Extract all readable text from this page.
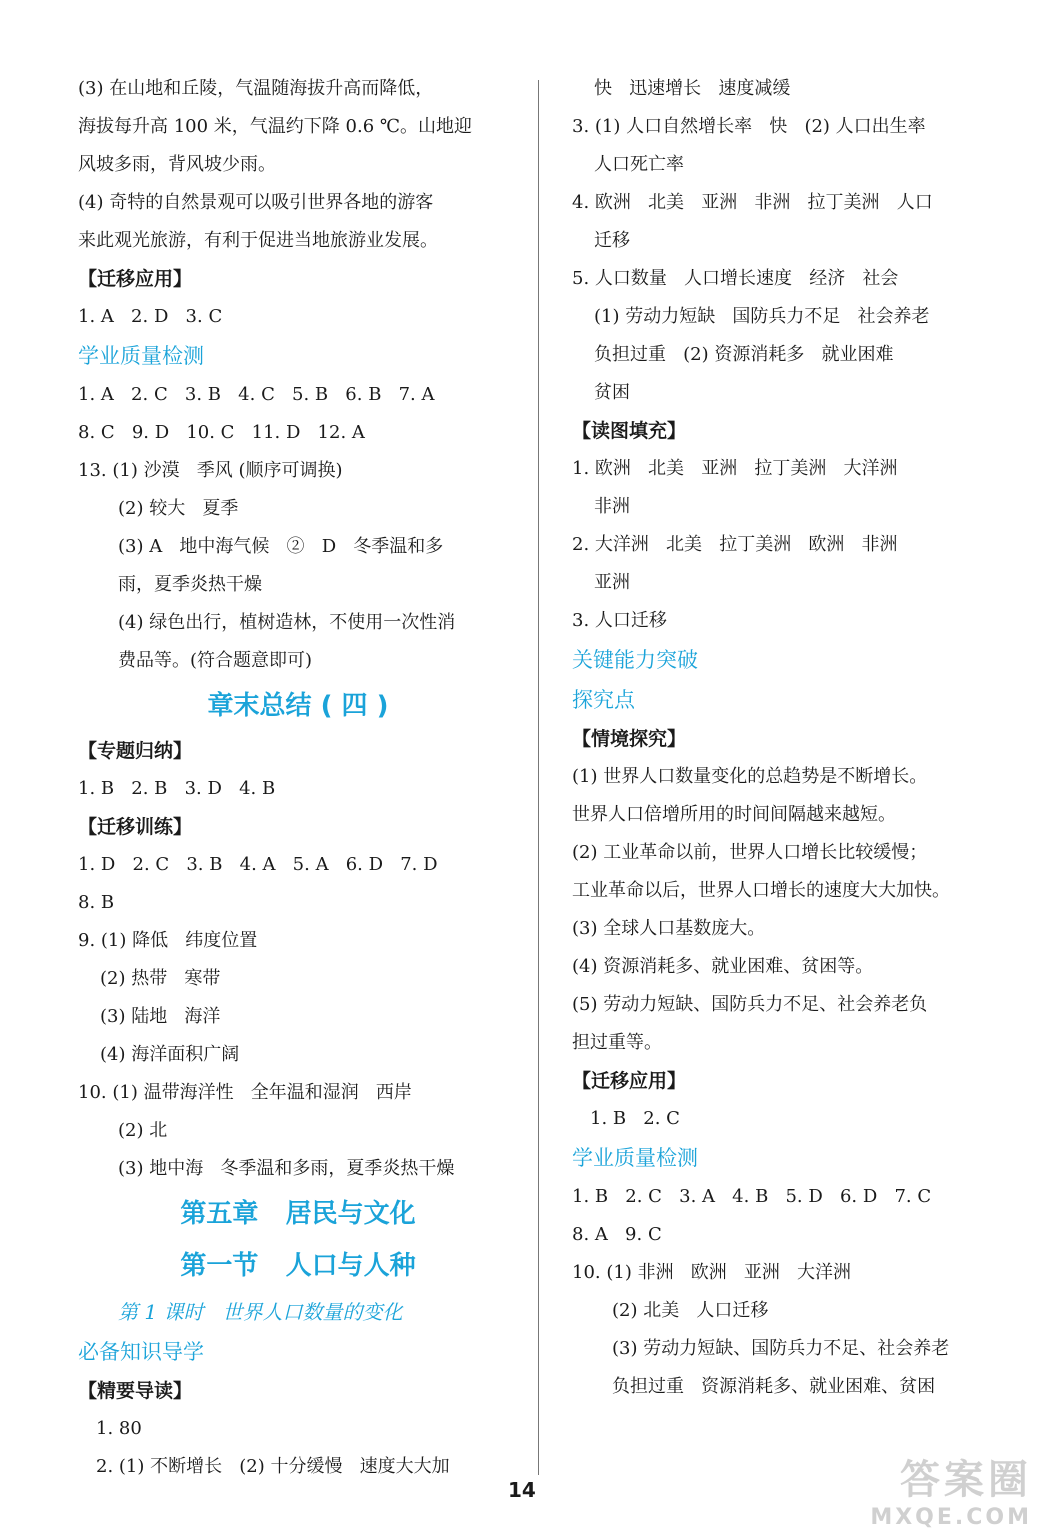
(3) 在山地和丘陵，气温随海拔升高而降低，
海拔每升高 100 米，气温约下降 0.6 ℃。山地迎
风坡多雨，背风坡少雨。
(4) 奇特的自然景观可以吸引世界各地的游客
来此观光旅游，有利于促进当地旅游业发展。
【迁移应用】
1. A   2. D   3. C
学业质量检测
1. A   2. C   3. B   4. C   5. B   6. B   7. A
8. C   9. D   10. C   11. D   12. A
13. (1) 沙漠   季风 (顺序可调换)
(2) 较大   夏季
(3) A   地中海气候   ②   D   冬季温和多
雨，夏季炎热干燥
(4) 绿色出行，植树造林，不使用一次性消
费品等。(符合题意即可)
章末总结 ( 四 )
【专题归纳】
1. B   2. B   3. D   4. B
【迁移训练】
1. D   2. C   3. B   4. A   5. A   6. D   7. D
8. B
9. (1) 降低   纬度位置
(2) 热带   寒带
(3) 陆地   海洋
(4) 海洋面积广阔
10. (1) 温带海洋性   全年温和湿润   西岸
(2) 北
(3) 地中海   冬季温和多雨，夏季炎热干燥
第五章   居民与文化
第一节   人口与人种
第 1 课时   世界人口数量的变化
必备知识导学
【精要导读】
1. 80
2. (1) 不断增长   (2) 十分缓慢   速度大大加
快   迅速增长   速度减缓
3. (1) 人口自然增长率   快   (2) 人口出生率
人口死亡率
4. 欧洲   北美   亚洲   非洲   拉丁美洲   人口
迁移
5. 人口数量   人口增长速度   经济   社会
(1) 劳动力短缺   国防兵力不足   社会养老
负担过重   (2) 资源消耗多   就业困难
贫困
【读图填充】
1. 欧洲   北美   亚洲   拉丁美洲   大洋洲
非洲
2. 大洋洲   北美   拉丁美洲   欧洲   非洲
亚洲
3. 人口迁移
关键能力突破
探究点
【情境探究】
(1) 世界人口数量变化的总趋势是不断增长。
世界人口倍增所用的时间间隔越来越短。
(2) 工业革命以前，世界人口增长比较缓慢；
工业革命以后，世界人口增长的速度大大加快。
(3) 全球人口基数庞大。
(4) 资源消耗多、就业困难、贫困等。
(5) 劳动力短缺、国防兵力不足、社会养老负
担过重等。
【迁移应用】
1. B   2. C
学业质量检测
1. B   2. C   3. A   4. B   5. D   6. D   7. C
8. A   9. C
10. (1) 非洲   欧洲   亚洲   大洋洲
(2) 北美   人口迁移
(3) 劳动力短缺、国防兵力不足、社会养老
负担过重   资源消耗多、就业困难、贫困
14	答案圈
MXQE.COM
